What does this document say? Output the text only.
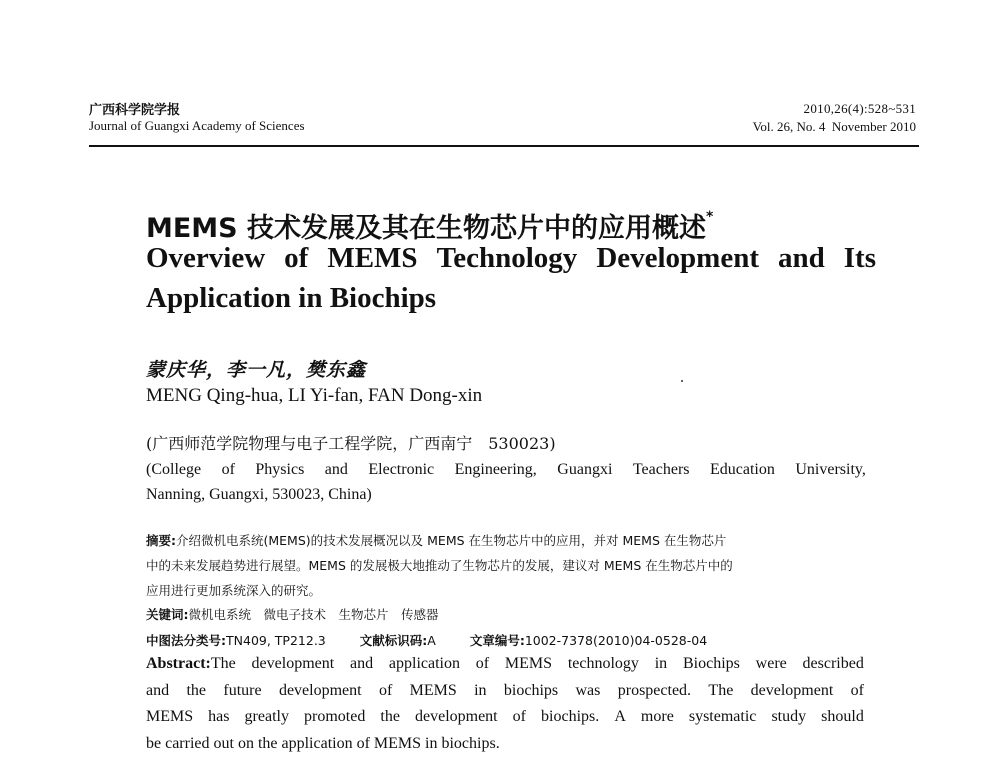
广西科学院学报
Journal of Guangxi Academy of Sciences
2010,26(4):528~531
Vol. 26, No. 4 November 2010
MEMS 技术发展及其在生物芯片中的应用概述*
Overview of MEMS Technology Development and Its
Application in Biochips
蒙庆华，李一凡，樊东鑫
MENG Qing-hua, LI Yi-fan, FAN Dong-xin
(广西师范学院物理与电子工程学院，广西南宁　530023)
(College of Physics and Electronic Engineering, Guangxi Teachers Education University,
Nanning, Guangxi, 530023, China)
摘要:介绍微机电系统(MEMS)的技术发展概况以及 MEMS 在生物芯片中的应用，并对 MEMS 在生物芯片
中的未来发展趋势进行展望。MEMS 的发展极大地推动了生物芯片的发展，建议对 MEMS 在生物芯片中的
应用进行更加系统深入的研究。
关键词:微机电系统　微电子技术　生物芯片　传感器
中图法分类号:TN409, TP212.3	文献标识码:A	文章编号:1002-7378(2010)04-0528-04
Abstract:The development and application of MEMS technology in Biochips were described
and the future development of MEMS in biochips was prospected. The development of
MEMS has greatly promoted the development of biochips. A more systematic study should
be carried out on the application of MEMS in biochips.
